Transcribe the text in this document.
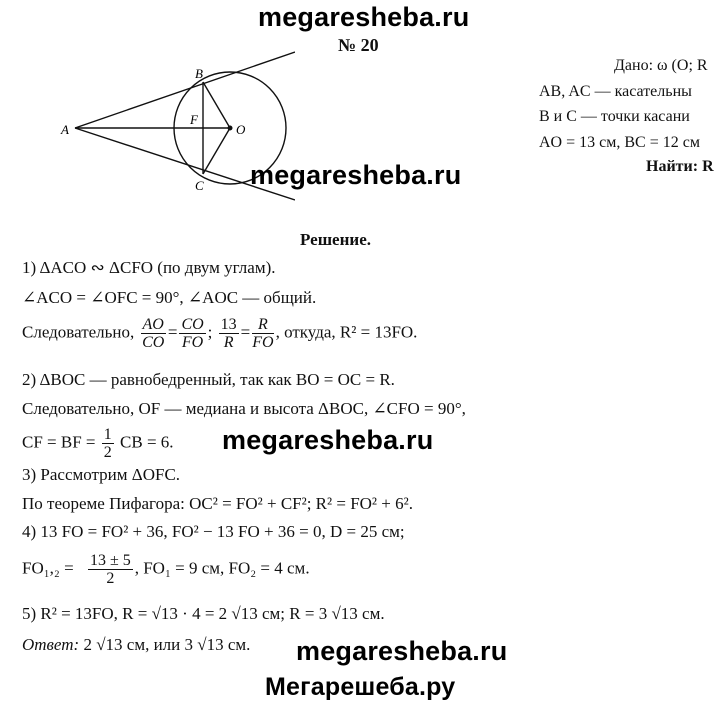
megaresheba.ru
№ 20
A
B
C
F
O
Дано: ω (O; R
AB, AC — касательны
B и C — точки касани
AO = 13 см, BC = 12 см
Найти: R
megaresheba.ru
Решение.
1) ΔACO ∾ ΔCFO (по двум углам).
∠ACO = ∠OFC = 90°, ∠AOC — общий.
Следовательно, $\frac{AO}{CO} = \frac{CO}{FO}$ ; $\frac{13}{R} = \frac{R}{FO}$ , откуда, R² = 13FO.
2) ΔBOC — равнобедренный, так как BO = OC = R.
Следовательно, OF — медиана и высота ΔBOC, ∠CFO = 90°,
CF = BF = $\frac{1}{2}$ CB = 6. megaresheba.ru
3) Рассмотрим ΔOFC.
По теореме Пифагора: OC² = FO² + CF²; R² = FO² + 6².
4) 13 FO = FO² + 36, FO² − 13 FO + 36 = 0, D = 25 см;
$FO_1,_2 = \frac{13 \pm 5}{2}$ , FO₁ = 9 см, FO₂ = 4 см.
5) R² = 13FO, R = √13 · 4 = 2 √13 см; R = 3 √13 см.
Ответ: 2 √13 см, или 3 √13 см. megaresheba.ru
Мегарешеба.ру
